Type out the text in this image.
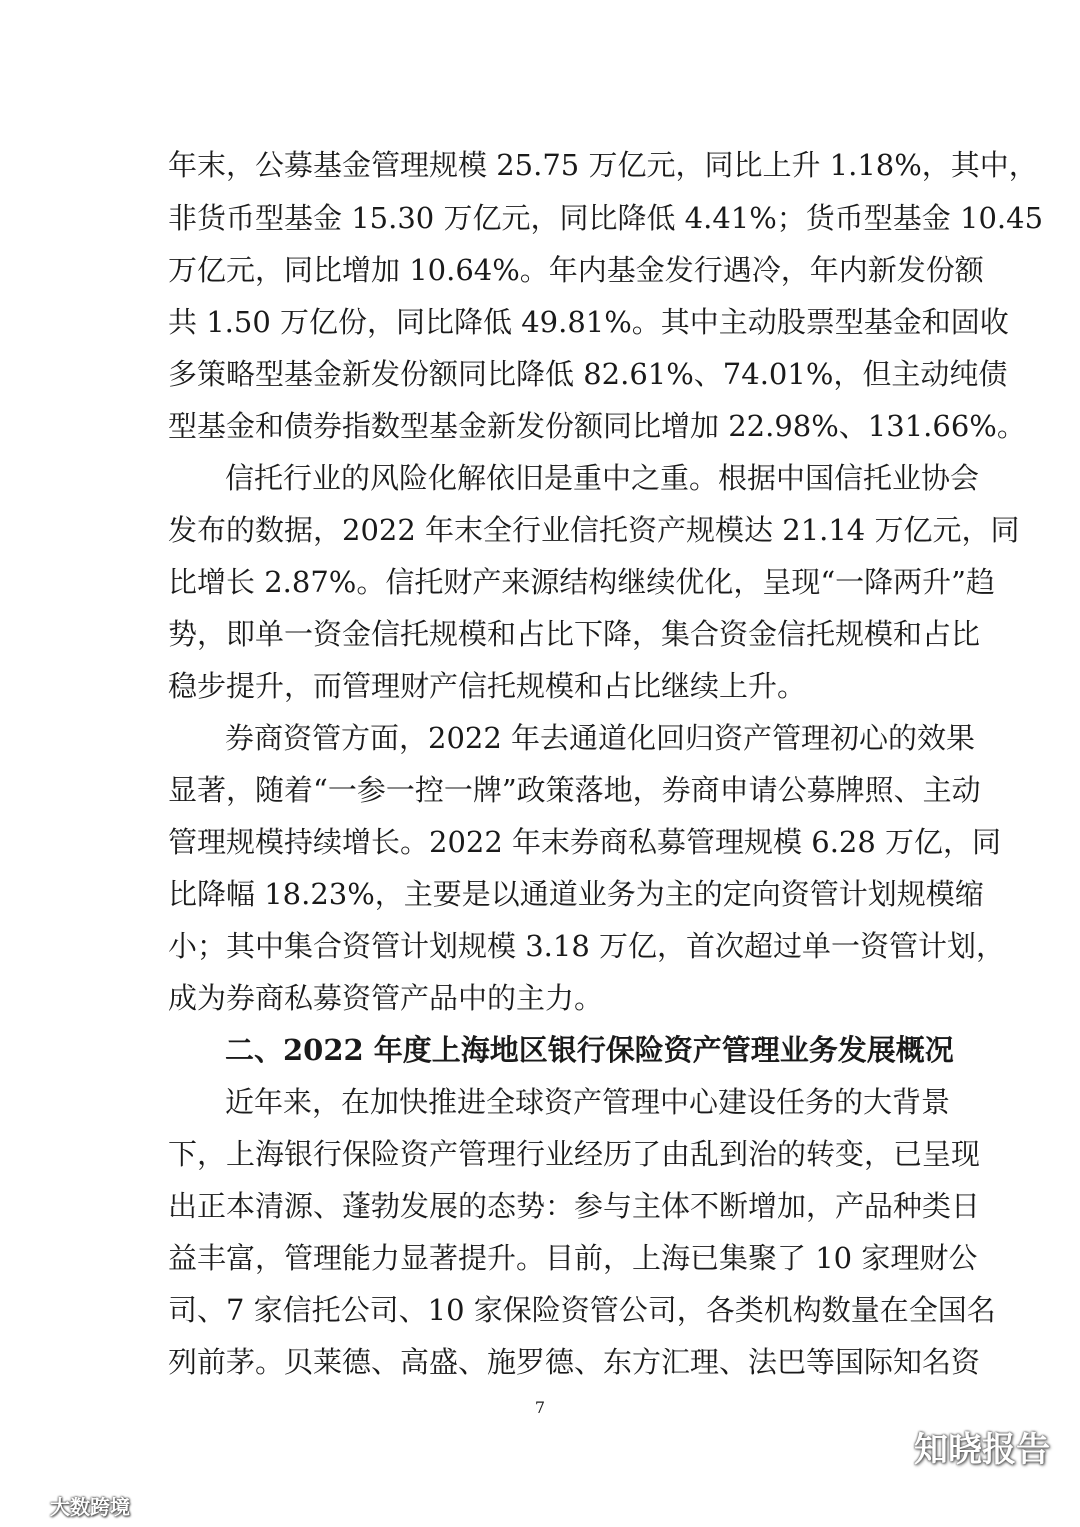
年末，公募基金管理规模 25.75 万亿元，同比上升 1.18%，其中，
非货币型基金 15.30 万亿元，同比降低 4.41%；货币型基金 10.45
万亿元，同比增加 10.64%。年内基金发行遇冷，年内新发份额
共 1.50 万亿份，同比降低 49.81%。其中主动股票型基金和固收
多策略型基金新发份额同比降低 82.61%、74.01%，但主动纯债
型基金和债券指数型基金新发份额同比增加 22.98%、131.66%。
信托行业的风险化解依旧是重中之重。根据中国信托业协会
发布的数据，2022 年末全行业信托资产规模达 21.14 万亿元，同
比增长 2.87%。信托财产来源结构继续优化，呈现“一降两升”趋
势，即单一资金信托规模和占比下降，集合资金信托规模和占比
稳步提升，而管理财产信托规模和占比继续上升。
券商资管方面，2022 年去通道化回归资产管理初心的效果
显著，随着“一参一控一牌”政策落地，券商申请公募牌照、主动
管理规模持续增长。2022 年末券商私募管理规模 6.28 万亿，同
比降幅 18.23%，主要是以通道业务为主的定向资管计划规模缩
小；其中集合资管计划规模 3.18 万亿，首次超过单一资管计划，
成为券商私募资管产品中的主力。
二、2022 年度上海地区银行保险资产管理业务发展概况
近年来，在加快推进全球资产管理中心建设任务的大背景
下，上海银行保险资产管理行业经历了由乱到治的转变，已呈现
出正本清源、蓬勃发展的态势：参与主体不断增加，产品种类日
益丰富，管理能力显著提升。目前，上海已集聚了 10 家理财公
司、7 家信托公司、10 家保险资管公司，各类机构数量在全国名
列前茅。贝莱德、高盛、施罗德、东方汇理、法巴等国际知名资
7
知晓报告
大数跨境
